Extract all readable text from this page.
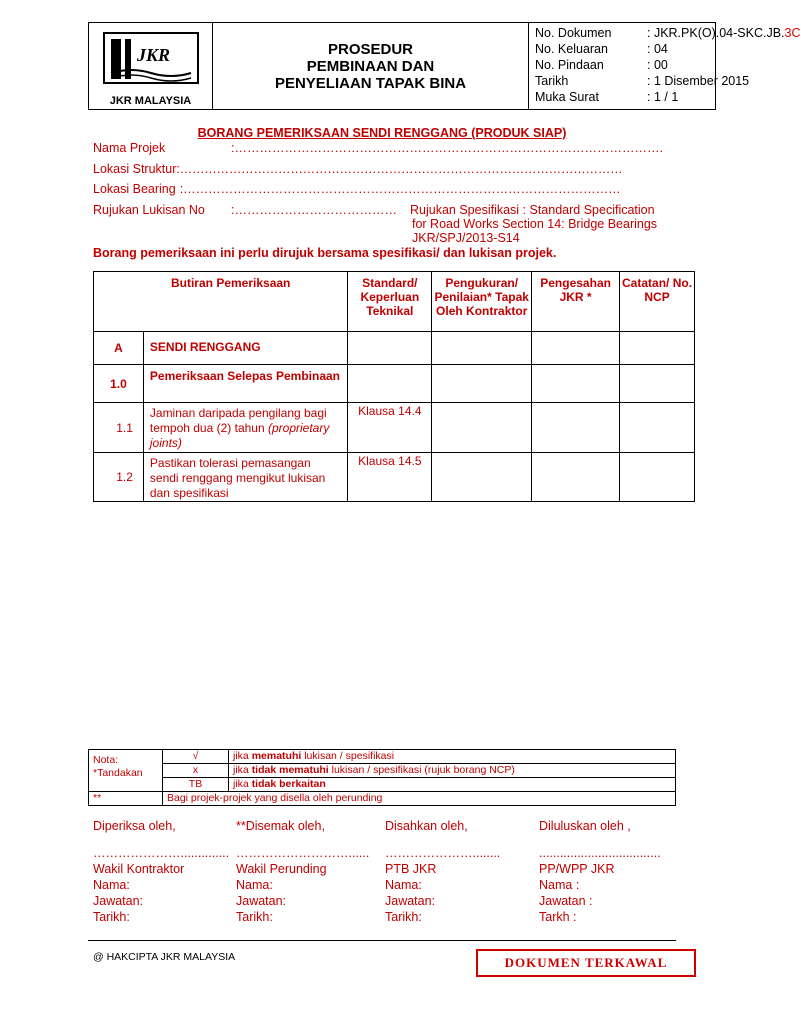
JKR
JKR MALAYSIA
PROSEDUR
PEMBINAAN DAN
PENYELIAAN TAPAK BINA
No. Dokumen	: JKR.PK(O).04-SKC.JB.3C
No. Keluaran	: 04
No. Pindaan	: 00
Tarikh	: 1 Disember 2015
Muka Surat	: 1 / 1
BORANG PEMERIKSAAN SENDI RENGGANG (PRODUK SIAP)
Nama Projek	:………………………………………………………………………………………….
Lokasi Struktur:………………………………………………………………………………………………
Lokasi Bearing :……………………………………………………………………………………………
Rujukan Lukisan No :………………………………… Rujukan Spesifikasi : Standard Specification
for Road Works Section 14: Bridge Bearings
JKR/SPJ/2013-S14
Borang pemeriksaan ini perlu dirujuk bersama spesifikasi/ dan lukisan projek.
Butiran Pemeriksaan		Standard/ Keperluan Teknikal	Pengukuran/ Penilaian* Tapak Oleh Kontraktor	Pengesahan JKR *	Catatan/ No. NCP
A	SENDI RENGGANG				
1.0	Pemeriksaan Selepas Pembinaan				
1.1	Jaminan daripada pengilang bagi tempoh dua (2) tahun (proprietary joints)	Klausa 14.4			
1.2	Pastikan tolerasi pemasangan sendi renggang mengikut lukisan dan spesifikasi	Klausa 14.5			
Nota:
*Tandakan	√	jika mematuhi lukisan / spesifikasi
	x	jika tidak mematuhi lukisan / spesifikasi (rujuk borang NCP)
	TB	jika tidak berkaitan
**	Bagi projek-projek yang disella oleh perunding	
Diperiksa oleh,
…………………..............
Wakil Kontraktor
Nama:
Jawatan:
Tarikh:
**Disemak oleh,
………………………......
Wakil Perunding
Nama:
Jawatan:
Tarikh:
Disahkan oleh,
…………………........
PTB JKR
Nama:
Jawatan:
Tarikh:
Diluluskan oleh ,
...................................
PP/WPP JKR
Nama :
Jawatan :
Tarkh :
@ HAKCIPTA JKR MALAYSIA	DOKUMEN TERKAWAL
